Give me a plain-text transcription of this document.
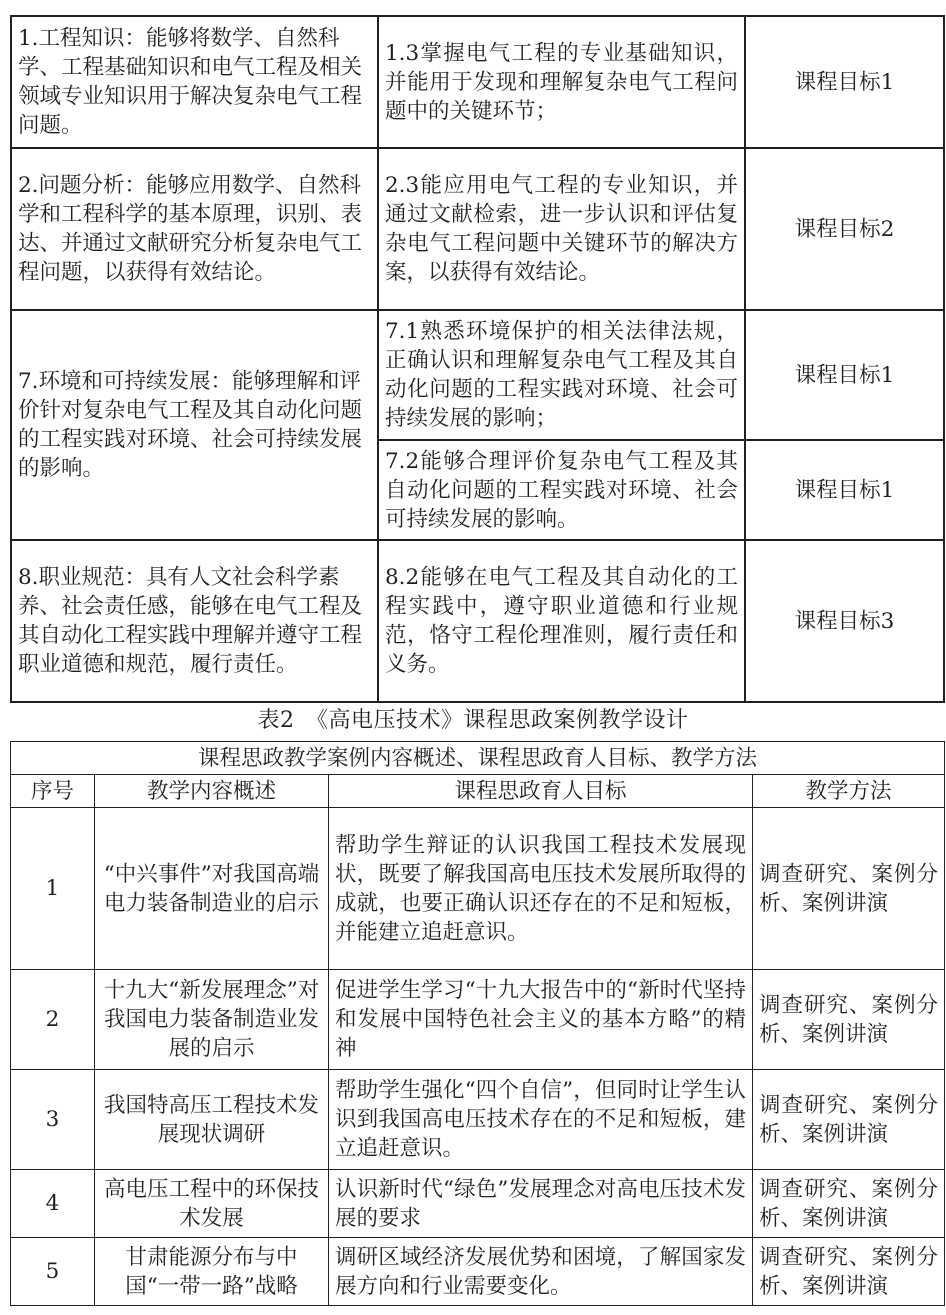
1.工程知识：能够将数学、自然科学、工程基础知识和电气工程及相关领域专业知识用于解决复杂电气工程问题。	1.3掌握电气工程的专业基础知识，并能用于发现和理解复杂电气工程问题中的关键环节；	课程目标1
2.问题分析：能够应用数学、自然科学和工程科学的基本原理，识别、表达、并通过文献研究分析复杂电气工程问题，以获得有效结论。	2.3能应用电气工程的专业知识，并通过文献检索，进一步认识和评估复杂电气工程问题中关键环节的解决方案，以获得有效结论。	课程目标2
7.环境和可持续发展：能够理解和评价针对复杂电气工程及其自动化问题的工程实践对环境、社会可持续发展的影响。	7.1熟悉环境保护的相关法律法规，正确认识和理解复杂电气工程及其自动化问题的工程实践对环境、社会可持续发展的影响；	课程目标1
	7.2能够合理评价复杂电气工程及其自动化问题的工程实践对环境、社会可持续发展的影响。	课程目标1
8.职业规范：具有人文社会科学素养、社会责任感，能够在电气工程及其自动化工程实践中理解并遵守工程职业道德和规范，履行责任。	8.2能够在电气工程及其自动化的工程实践中，遵守职业道德和行业规范，恪守工程伦理准则，履行责任和义务。	课程目标3
表2　《高电压技术》课程思政案例教学设计
课程思政教学案例内容概述、课程思政育人目标、教学方法			
序号	教学内容概述	课程思政育人目标	教学方法
1	“中兴事件”对我国高端电力装备制造业的启示	帮助学生辩证的认识我国工程技术发展现状，既要了解我国高电压技术发展所取得的成就，也要正确认识还存在的不足和短板，并能建立追赶意识。	调查研究、案例分析、案例讲演
2	十九大“新发展理念”对我国电力装备制造业发展的启示	促进学生学习“十九大报告中的“新时代坚持和发展中国特色社会主义的基本方略”的精神	调查研究、案例分析、案例讲演
3	我国特高压工程技术发展现状调研	帮助学生强化“四个自信”，但同时让学生认识到我国高电压技术存在的不足和短板，建立追赶意识。	调查研究、案例分析、案例讲演
4	高电压工程中的环保技术发展	认识新时代“绿色”发展理念对高电压技术发展的要求	调查研究、案例分析、案例讲演
5	甘肃能源分布与中国“一带一路”战略	调研区域经济发展优势和困境，了解国家发展方向和行业需要变化。	调查研究、案例分析、案例讲演
